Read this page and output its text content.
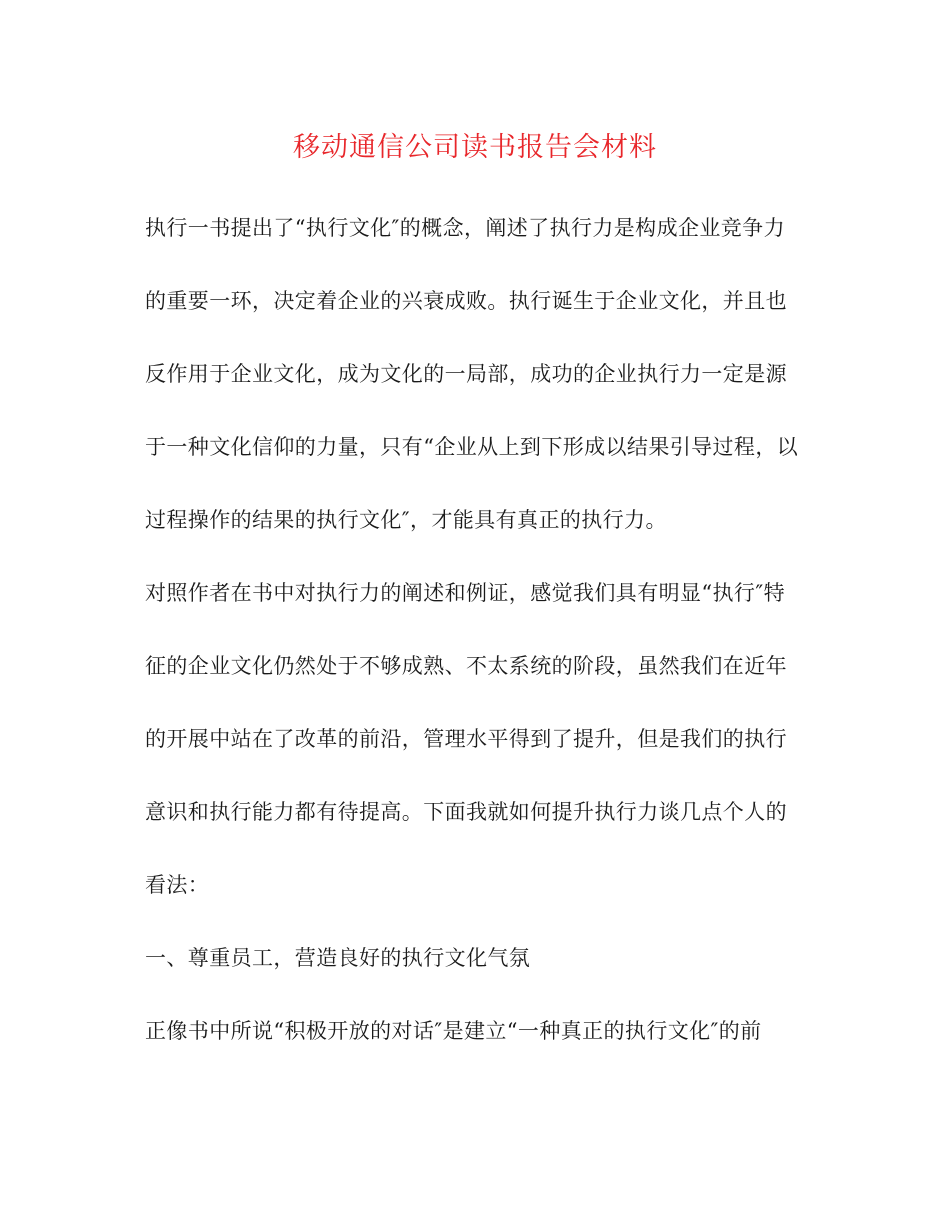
移动通信公司读书报告会材料
执行一书提出了“执行文化″的概念，阐述了执行力是构成企业竞争力
的重要一环，决定着企业的兴衰成败。执行诞生于企业文化，并且也
反作用于企业文化，成为文化的一局部，成功的企业执行力一定是源
于一种文化信仰的力量，只有“企业从上到下形成以结果引导过程，以
过程操作的结果的执行文化″，才能具有真正的执行力。
对照作者在书中对执行力的阐述和例证，感觉我们具有明显“执行″特
征的企业文化仍然处于不够成熟、不太系统的阶段，虽然我们在近年
的开展中站在了改革的前沿，管理水平得到了提升，但是我们的执行
意识和执行能力都有待提高。下面我就如何提升执行力谈几点个人的
看法：
一、尊重员工，营造良好的执行文化气氛
正像书中所说“积极开放的对话″是建立“一种真正的执行文化″的前
